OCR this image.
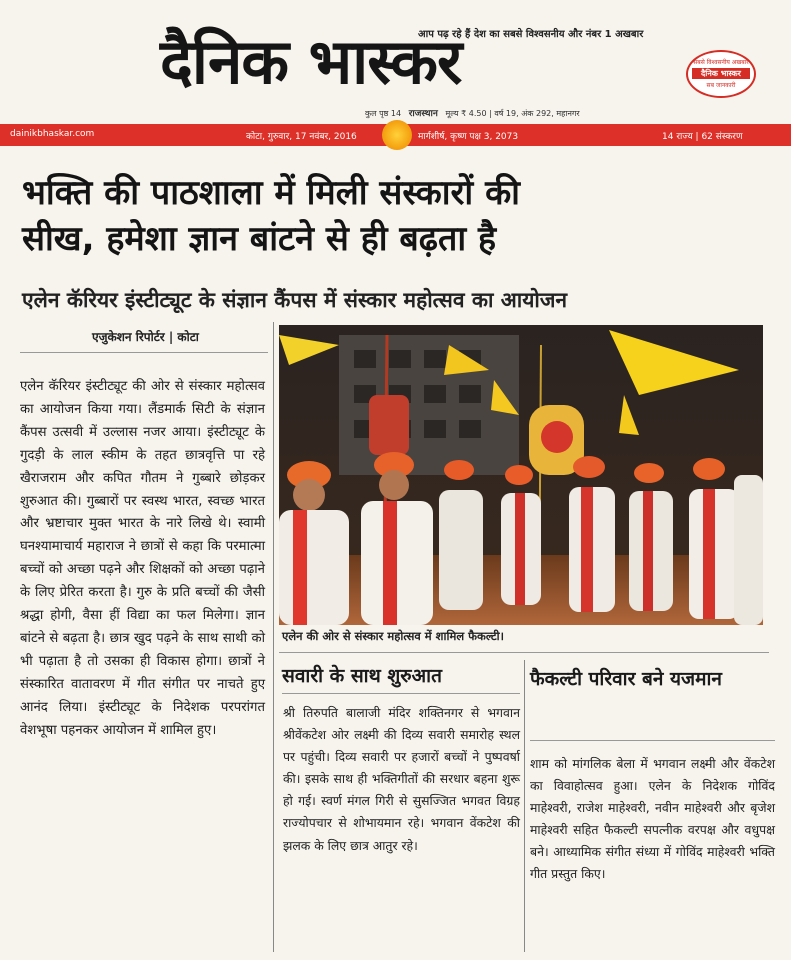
आप पढ़ रहे हैं देश का सबसे विश्वसनीय और नंबर 1 अखबार
दैनिक भास्कर
कुल पृष्ठ 14 राजस्थान मूल्य ₹ 4.50 | वर्ष 19, अंक 292, महानगर
सबसे विश्वसनीय अखबार
दैनिक भास्कर
सब जानकारी
dainikbhaskar.com	कोटा, गुरुवार, 17 नवंबर, 2016	मार्गशीर्ष, कृष्ण पक्ष 3, 2073	14 राज्य | 62 संस्करण
भक्ति की पाठशाला में मिली संस्कारों की
सीख, हमेशा ज्ञान बांटने से ही बढ़ता है
एलेन कॅरियर इंस्टीट्यूट के संज्ञान कैंपस में संस्कार महोत्सव का आयोजन
एजुकेशन रिपोर्टर | कोटा
एलेन कॅरियर इंस्टीट्यूट की ओर से संस्कार महोत्सव का आयोजन किया गया। लैंडमार्क सिटी के संज्ञान कैंपस उत्सवी में उल्लास नजर आया। इंस्टीट्यूट के गुदड़ी के लाल स्कीम के तहत छात्रवृत्ति पा रहे खैराजराम और कपित गौतम ने गुब्बारे छोड़कर शुरुआत की। गुब्बारों पर स्वस्थ भारत, स्वच्छ भारत और भ्रष्टाचार मुक्त भारत के नारे लिखे थे। स्वामी घनश्यामाचार्य महाराज ने छात्रों से कहा कि परमात्मा बच्चों को अच्छा पढ़ने और शिक्षकों को अच्छा पढ़ाने के लिए प्रेरित करता है। गुरु के प्रति बच्चों की जैसी श्रद्धा होगी, वैसा हीं विद्या का फल मिलेगा। ज्ञान बांटने से बढ़ता है। छात्र खुद पढ़ने के साथ साथी को भी पढ़ाता है तो उसका ही विकास होगा। छात्रों ने संस्कारित वातावरण में गीत संगीत पर नाचते हुए आनंद लिया। इंस्टीट्यूट के निदेशक परपरांगत वेशभूषा पहनकर आयोजन में शामिल हुए।
एलेन की ओर से संस्कार महोत्सव में शामिल फैकल्टी।
सवारी के साथ शुरुआत
श्री तिरुपति बालाजी मंदिर शक्तिनगर से भगवान श्रीवेंकटेश ओर लक्ष्मी की दिव्य सवारी समारोह स्थल पर पहुंची। दिव्य सवारी पर हजारों बच्चों ने पुष्पवर्षा की। इसके साथ ही भक्तिगीतों की सरधार बहना शुरू हो गई। स्वर्ण मंगल गिरी से सुसज्जित भगवत विग्रह राज्योपचार से शोभायमान रहे। भगवान वेंकटेश की झलक के लिए छात्र आतुर रहे।
फैकल्टी परिवार बने यजमान
शाम को मांगलिक बेला में भगवान लक्ष्मी और वेंकटेश का विवाहोत्सव हुआ। एलेन के निदेशक गोविंद माहेश्वरी, राजेश माहेश्वरी, नवीन माहेश्वरी और बृजेश माहेश्वरी सहित फैकल्टी सपत्नीक वरपक्ष और वधुपक्ष बने। आध्यामिक संगीत संध्या में गोविंद माहेश्वरी भक्ति गीत प्रस्तुत किए।
